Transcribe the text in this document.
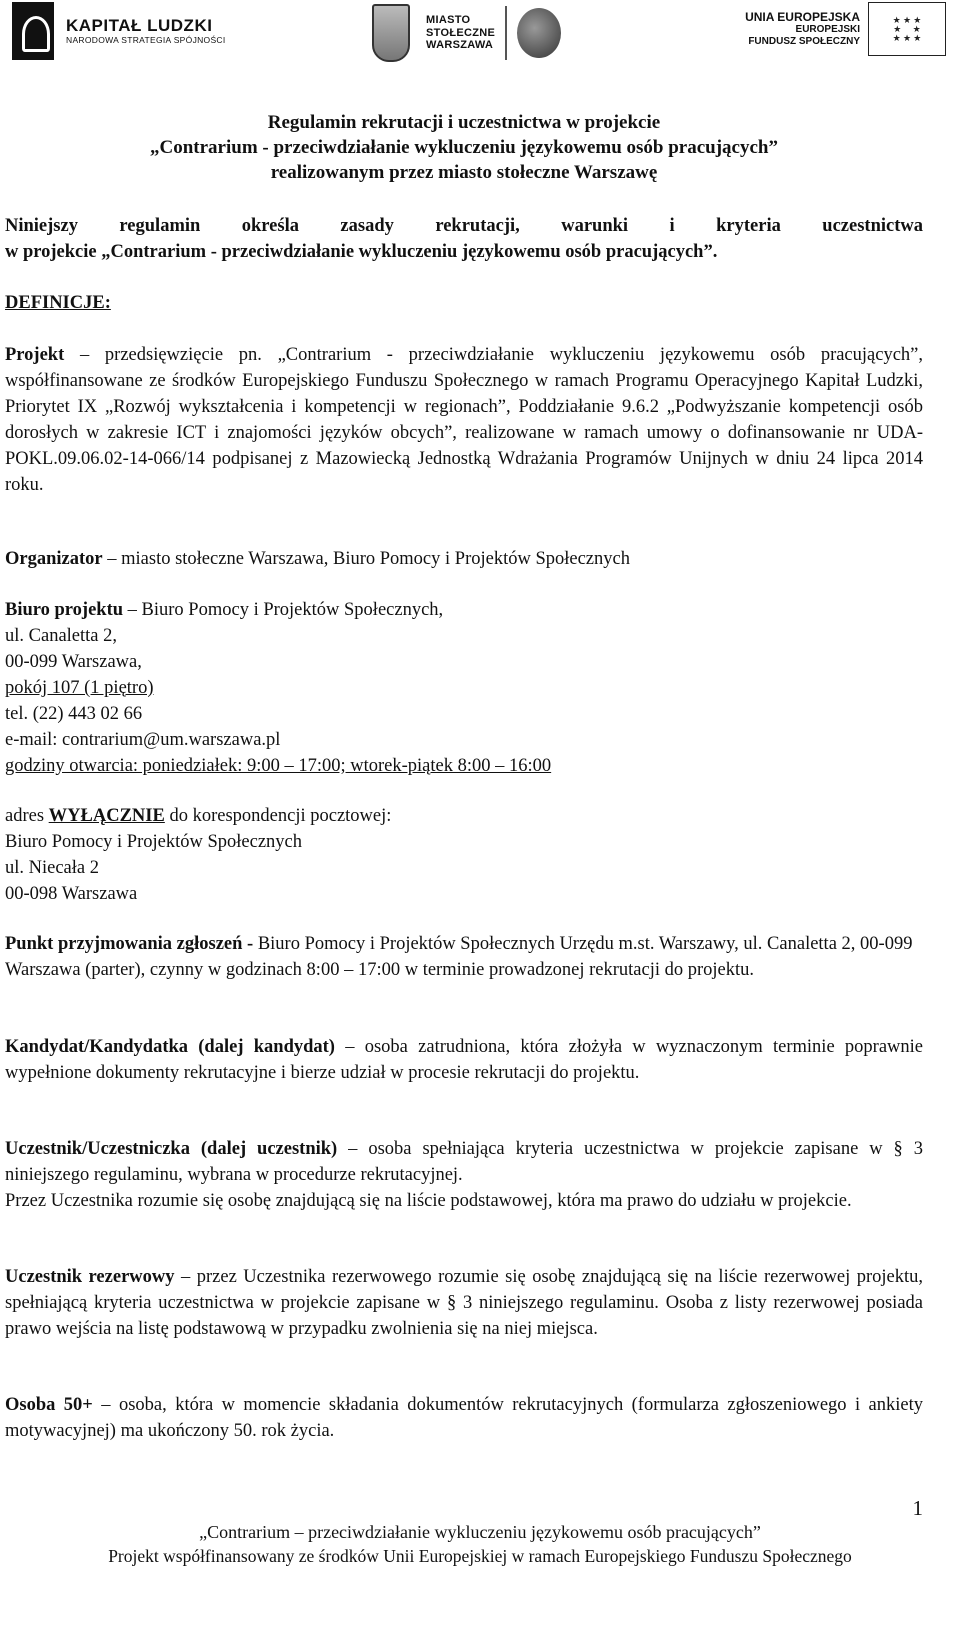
KAPITAŁ LUDZKI
NARODOWA STRATEGIA SPÓJNOŚCI
MIASTO
STOŁECZNE
WARSZAWA
UNIA EUROPEJSKA
EUROPEJSKI
FUNDUSZ SPOŁECZNY
★ ★ ★
★     ★
★ ★ ★
Regulamin rekrutacji i uczestnictwa w projekcie
„Contrarium - przeciwdziałanie wykluczeniu językowemu osób pracujących”
realizowanym przez miasto stołeczne Warszawę
Niniejszy regulamin określa zasady rekrutacji, warunki i kryteria uczestnictwa
w projekcie „Contrarium - przeciwdziałanie wykluczeniu językowemu osób pracujących”.
DEFINICJE:

Projekt – przedsięwzięcie pn. „Contrarium - przeciwdziałanie wykluczeniu językowemu osób pracujących”, współfinansowane ze środków Europejskiego Funduszu Społecznego w ramach Programu Operacyjnego Kapitał Ludzki, Priorytet IX „Rozwój wykształcenia i kompetencji w regionach”, Poddziałanie 9.6.2 „Podwyższanie kompetencji osób dorosłych w zakresie ICT i znajomości języków obcych”, realizowane w ramach umowy o dofinansowanie nr UDA-POKL.09.06.02-14-066/14 podpisanej z Mazowiecką Jednostką Wdrażania Programów Unijnych w dniu 24 lipca 2014 roku.

Organizator – miasto stołeczne Warszawa, Biuro Pomocy i Projektów Społecznych

Biuro projektu – Biuro Pomocy i Projektów Społecznych,
ul. Canaletta 2,
00-099 Warszawa,
pokój 107 (1 piętro)
tel. (22) 443 02 66
e-mail: contrarium@um.warszawa.pl
godziny otwarcia: poniedziałek: 9:00 – 17:00; wtorek-piątek 8:00 – 16:00
adres WYŁĄCZNIE do korespondencji pocztowej:
Biuro Pomocy i Projektów Społecznych
ul. Niecała 2
00-098 Warszawa

Punkt przyjmowania zgłoszeń - Biuro Pomocy i Projektów Społecznych Urzędu m.st. Warszawy, ul. Canaletta 2, 00-099 Warszawa (parter), czynny w godzinach 8:00 – 17:00 w terminie prowadzonej rekrutacji do projektu.

Kandydat/Kandydatka (dalej kandydat) – osoba zatrudniona, która złożyła w wyznaczonym terminie poprawnie wypełnione dokumenty rekrutacyjne i bierze udział w procesie rekrutacji do projektu.

Uczestnik/Uczestniczka (dalej uczestnik) – osoba spełniająca kryteria uczestnictwa w projekcie zapisane w § 3 niniejszego regulaminu, wybrana w procedurze rekrutacyjnej.

Przez Uczestnika rozumie się osobę znajdującą się na liście podstawowej, która ma prawo do udziału w projekcie.

Uczestnik rezerwowy – przez Uczestnika rezerwowego rozumie się osobę znajdującą się na liście rezerwowej projektu, spełniającą kryteria uczestnictwa w projekcie zapisane w § 3 niniejszego regulaminu. Osoba z listy rezerwowej posiada prawo wejścia na listę podstawową w przypadku zwolnienia się na niej miejsca.

Osoba 50+ – osoba, która w momencie składania dokumentów rekrutacyjnych (formularza zgłoszeniowego i ankiety motywacyjnej) ma ukończony 50. rok życia.

1
„Contrarium – przeciwdziałanie wykluczeniu językowemu osób pracujących”
Projekt współfinansowany ze środków Unii Europejskiej w ramach Europejskiego Funduszu Społecznego
